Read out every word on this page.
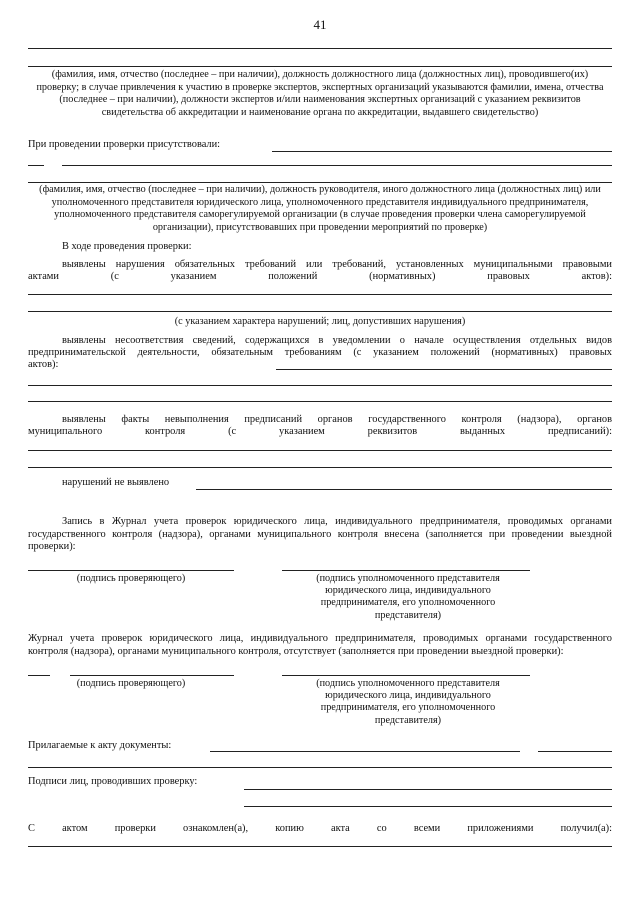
41
(фамилия, имя, отчество (последнее – при наличии), должность должностного лица (должностных лиц), проводившего(их) проверку; в случае привлечения к участию в проверке экспертов, экспертных организаций указываются фамилии, имена, отчества (последнее – при наличии), должности экспертов и/или наименования экспертных организаций с указанием реквизитов свидетельства об аккредитации и наименование органа по аккредитации, выдавшего свидетельство)
При проведении проверки присутствовали:
(фамилия, имя, отчество (последнее – при наличии), должность руководителя, иного должностного лица (должностных лиц) или уполномоченного представителя юридического лица, уполномоченного представителя индивидуального предпринимателя, уполномоченного представителя саморегулируемой организации (в случае проведения проверки члена саморегулируемой организации), присутствовавших при проведении мероприятий по проверке)
В ходе проведения проверки:
выявлены нарушения обязательных требований или требований, установленных муниципальными правовыми
актами (с указанием положений (нормативных) правовых актов):
(с указанием характера нарушений; лиц, допустивших нарушения)
выявлены несоответствия сведений, содержащихся в уведомлении о начале осуществления отдельных видов
предпринимательской деятельности, обязательным требованиям (с указанием положений (нормативных) правовых
актов):
выявлены факты невыполнения предписаний органов государственного контроля (надзора), органов
муниципального контроля (с указанием реквизитов выданных предписаний):
нарушений не выявлено
Запись в Журнал учета проверок юридического лица, индивидуального предпринимателя, проводимых органами государственного контроля (надзора), органами муниципального контроля внесена (заполняется при проведении выездной проверки):
(подпись проверяющего)	(подпись уполномоченного представителя юридического лица, индивидуального предпринимателя, его уполномоченного представителя)
Журнал учета проверок юридического лица, индивидуального предпринимателя, проводимых органами государственного контроля (надзора), органами муниципального контроля, отсутствует (заполняется при проведении выездной проверки):
(подпись проверяющего)	(подпись уполномоченного представителя юридического лица, индивидуального предпринимателя, его уполномоченного представителя)
Прилагаемые к акту документы:
Подписи лиц, проводивших проверку:
С актом проверки ознакомлен(а), копию акта со всеми приложениями получил(а):
